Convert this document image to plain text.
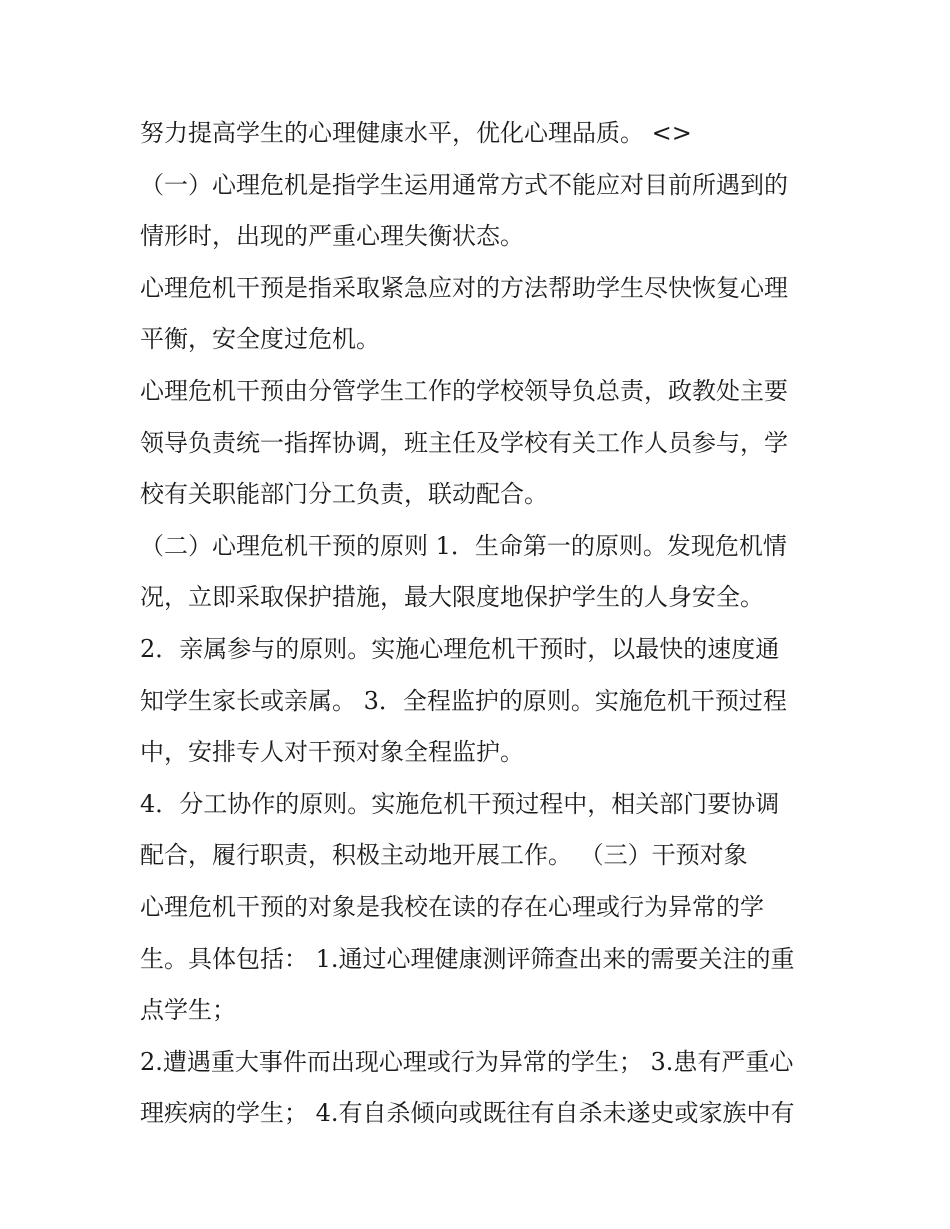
努力提高学生的心理健康水平，优化心理品质。 <>
（一）心理危机是指学生运用通常方式不能应对目前所遇到的
情形时，出现的严重心理失衡状态。
心理危机干预是指采取紧急应对的方法帮助学生尽快恢复心理
平衡，安全度过危机。
心理危机干预由分管学生工作的学校领导负总责，政教处主要
领导负责统一指挥协调，班主任及学校有关工作人员参与，学
校有关职能部门分工负责，联动配合。
（二）心理危机干预的原则 1．生命第一的原则。发现危机情
况，立即采取保护措施，最大限度地保护学生的人身安全。
2．亲属参与的原则。实施心理危机干预时，以最快的速度通
知学生家长或亲属。 3．全程监护的原则。实施危机干预过程
中，安排专人对干预对象全程监护。
4．分工协作的原则。实施危机干预过程中，相关部门要协调
配合，履行职责，积极主动地开展工作。 （三）干预对象
心理危机干预的对象是我校在读的存在心理或行为异常的学
生。具体包括： 1.通过心理健康测评筛查出来的需要关注的重
点学生；
2.遭遇重大事件而出现心理或行为异常的学生； 3.患有严重心
理疾病的学生； 4.有自杀倾向或既往有自杀未遂史或家族中有
